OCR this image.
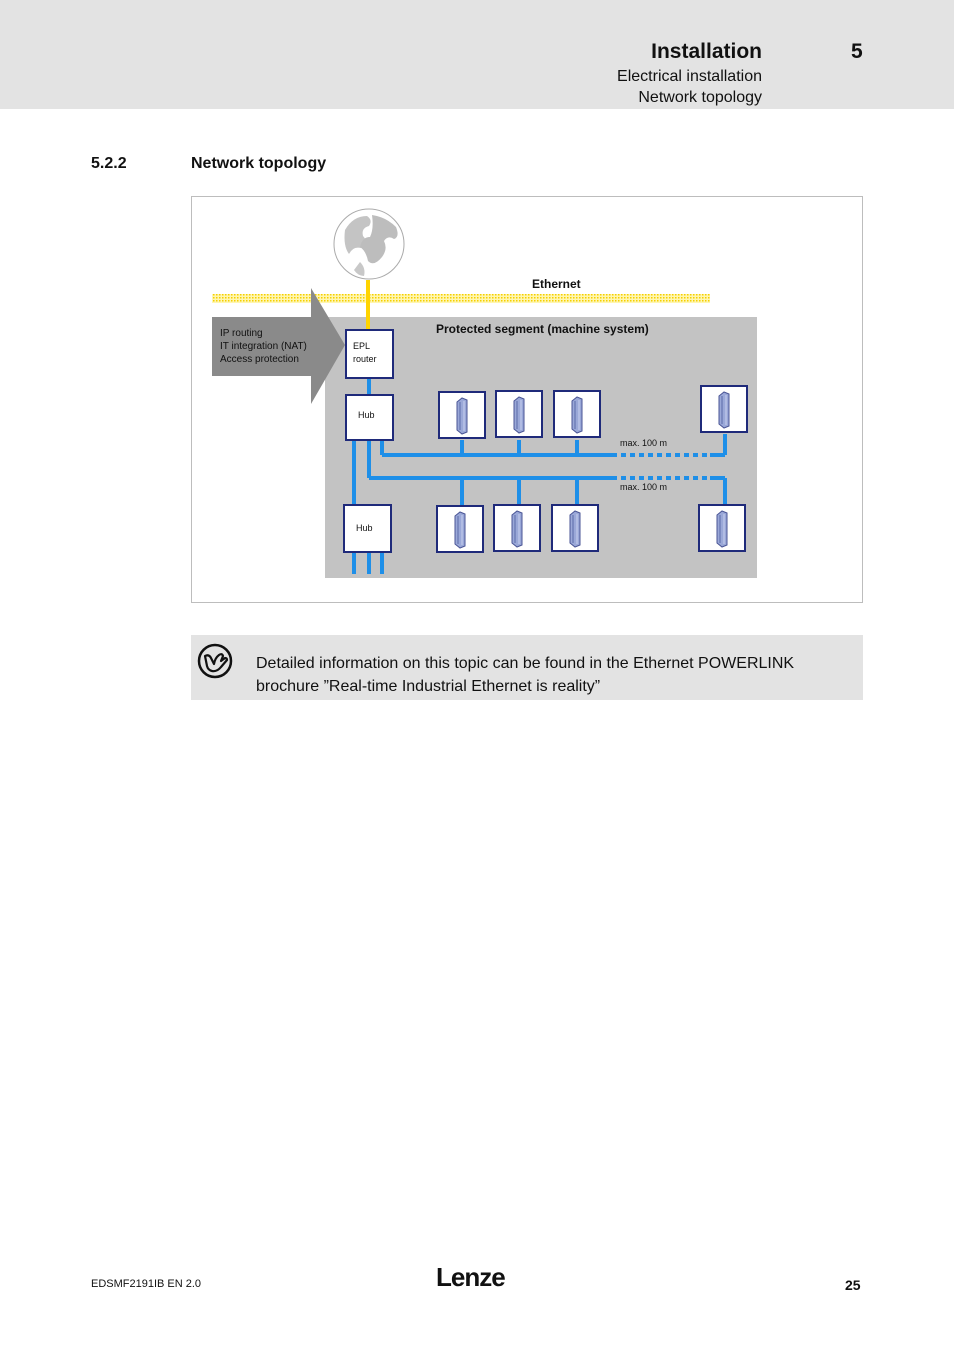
Installation	5
Electrical installation
Network topology
5.2.2	Network topology
Ethernet
Protected segment (machine system)
IP routing
IT integration (NAT)
Access protection
EPL
router
Hub
Hub
max. 100 m
max. 100 m
Detailed information on this topic can be found in the Ethernet POWERLINK brochure ”Real-time Industrial Ethernet is reality”
EDSMF2191IB EN 2.0	Lenze	25
